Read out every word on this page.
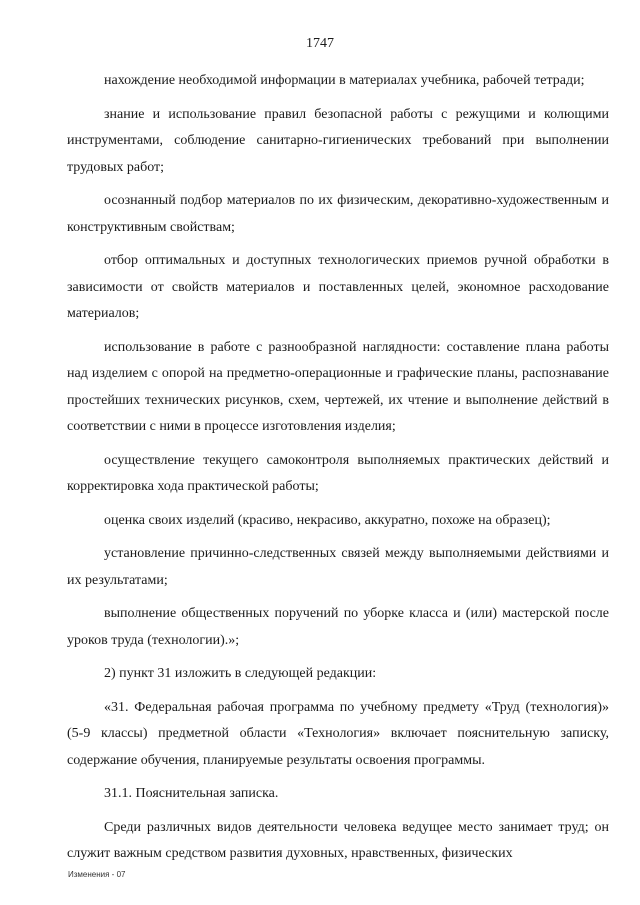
1747

нахождение необходимой информации в материалах учебника, рабочей тетради;

знание и использование правил безопасной работы с режущими и колющими инструментами, соблюдение санитарно-гигиенических требований при выполнении трудовых работ;

осознанный подбор материалов по их физическим, декоративно-художественным и конструктивным свойствам;

отбор оптимальных и доступных технологических приемов ручной обработки в зависимости от свойств материалов и поставленных целей, экономное расходование материалов;

использование в работе с разнообразной наглядности: составление плана работы над изделием с опорой на предметно-операционные и графические планы, распознавание простейших технических рисунков, схем, чертежей, их чтение и выполнение действий в соответствии с ними в процессе изготовления изделия;

осуществление текущего самоконтроля выполняемых практических действий и корректировка хода практической работы;

оценка своих изделий (красиво, некрасиво, аккуратно, похоже на образец);

установление причинно-следственных связей между выполняемыми действиями и их результатами;

выполнение общественных поручений по уборке класса и (или) мастерской после уроков труда (технологии).»;

2) пункт 31 изложить в следующей редакции:

«31. Федеральная рабочая программа по учебному предмету «Труд (технология)» (5-9 классы) предметной области «Технология» включает пояснительную записку, содержание обучения, планируемые результаты освоения программы.

31.1. Пояснительная записка.

Среди различных видов деятельности человека ведущее место занимает труд; он служит важным средством развития духовных, нравственных, физических

Изменения - 07
